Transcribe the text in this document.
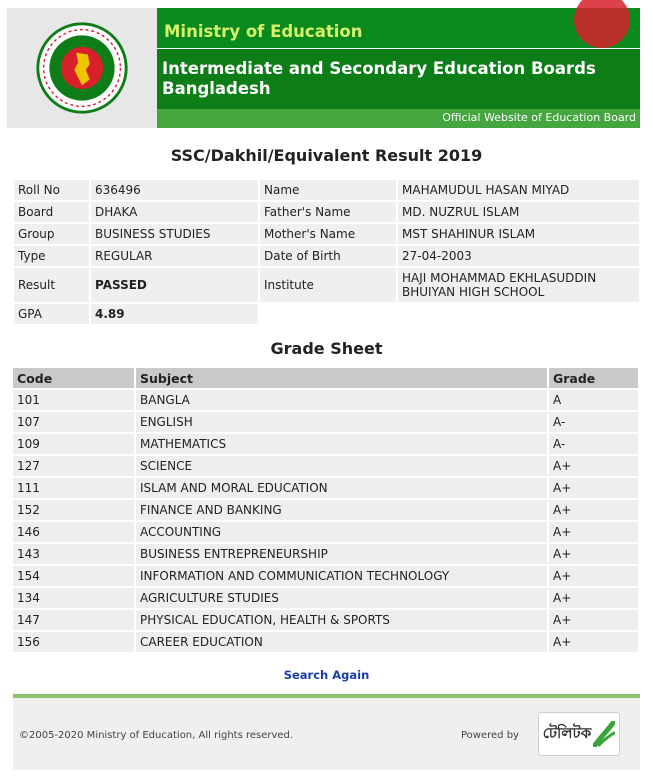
Ministry of Education
Intermediate and Secondary Education Boards Bangladesh
Official Website of Education Board
SSC/Dakhil/Equivalent Result 2019
Roll No	636496	Name	MAHAMUDUL HASAN MIYAD
Board	DHAKA	Father's Name	MD. NUZRUL ISLAM
Group	BUSINESS STUDIES	Mother's Name	MST SHAHINUR ISLAM
Type	REGULAR	Date of Birth	27-04-2003
Result	PASSED	Institute	HAJI MOHAMMAD EKHLASUDDIN BHUIYAN HIGH SCHOOL
GPA	4.89		
Grade Sheet
Code	Subject	Grade
101	BANGLA	A
107	ENGLISH	A-
109	MATHEMATICS	A-
127	SCIENCE	A+
111	ISLAM AND MORAL EDUCATION	A+
152	FINANCE AND BANKING	A+
146	ACCOUNTING	A+
143	BUSINESS ENTREPRENEURSHIP	A+
154	INFORMATION AND COMMUNICATION TECHNOLOGY	A+
134	AGRICULTURE STUDIES	A+
147	PHYSICAL EDUCATION, HEALTH & SPORTS	A+
156	CAREER EDUCATION	A+
Search Again
©2005-2020 Ministry of Education, All rights reserved.	Powered by টেলিটক
